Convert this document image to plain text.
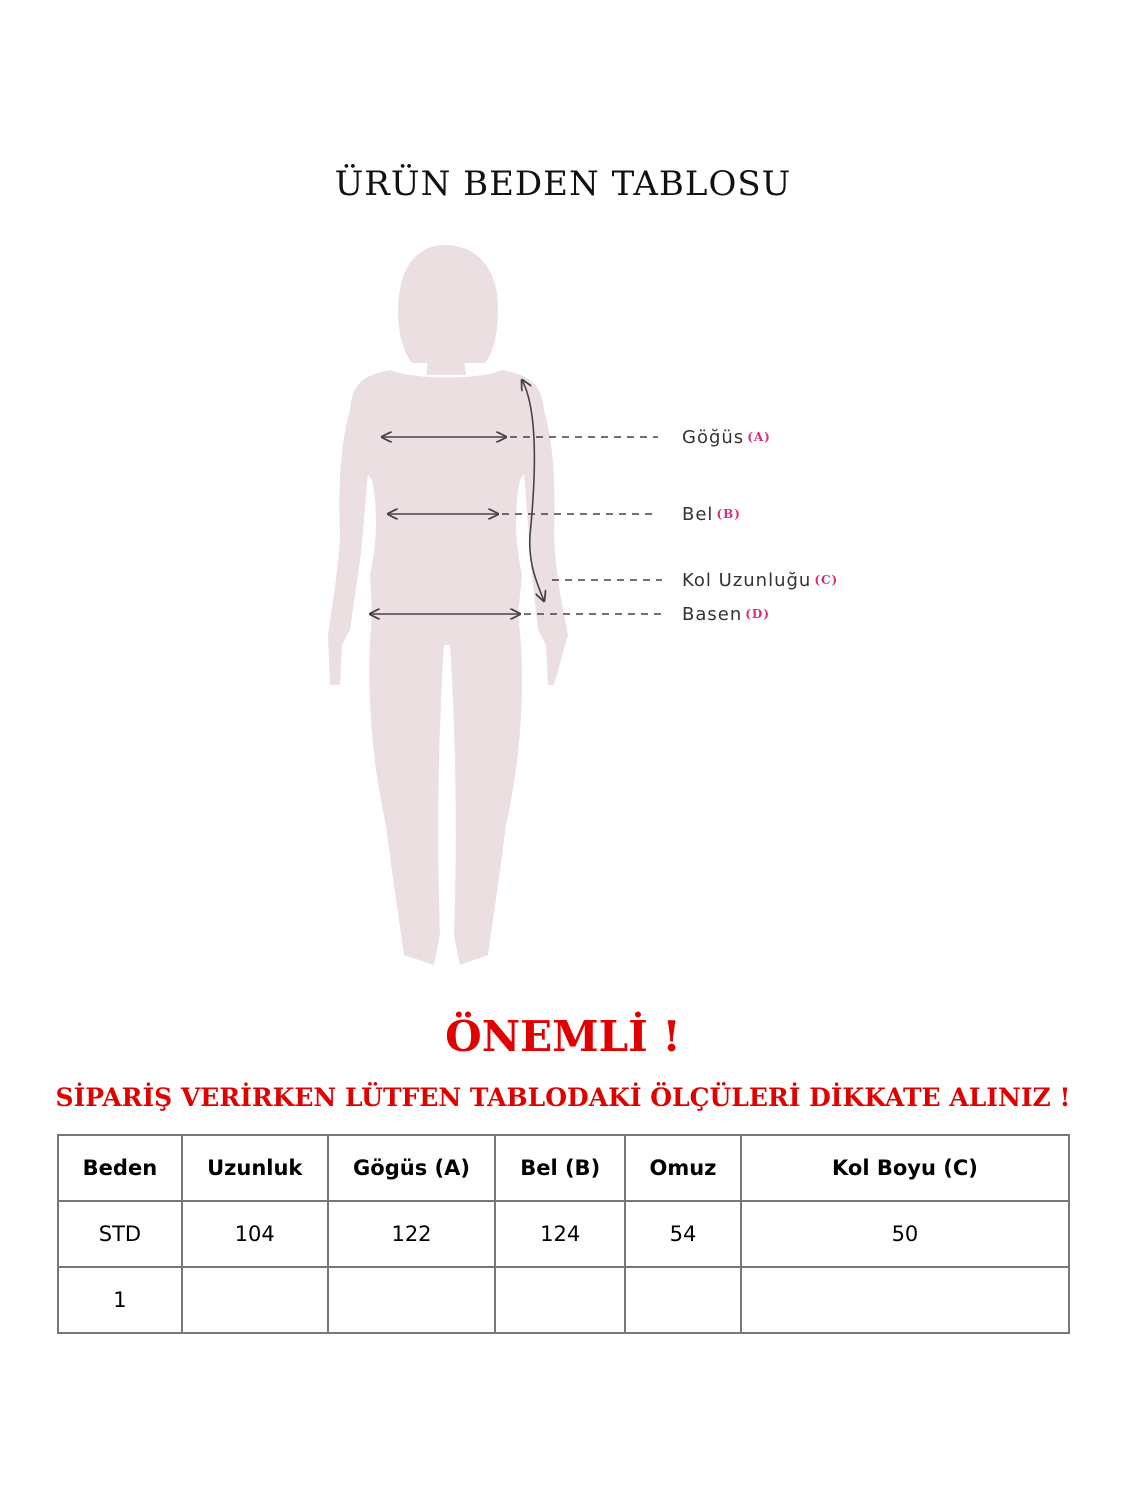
ÜRÜN BEDEN TABLOSU
Göğüs (A)
Bel (B)
Kol Uzunluğu (C)
Basen (D)
ÖNEMLİ !
SİPARİŞ VERİRKEN LÜTFEN TABLODAKİ ÖLÇÜLERİ DİKKATE ALINIZ !
Beden	Uzunluk	Gögüs (A)	Bel (B)	Omuz	Kol Boyu (C)
STD	104	122	124	54	50
1					
